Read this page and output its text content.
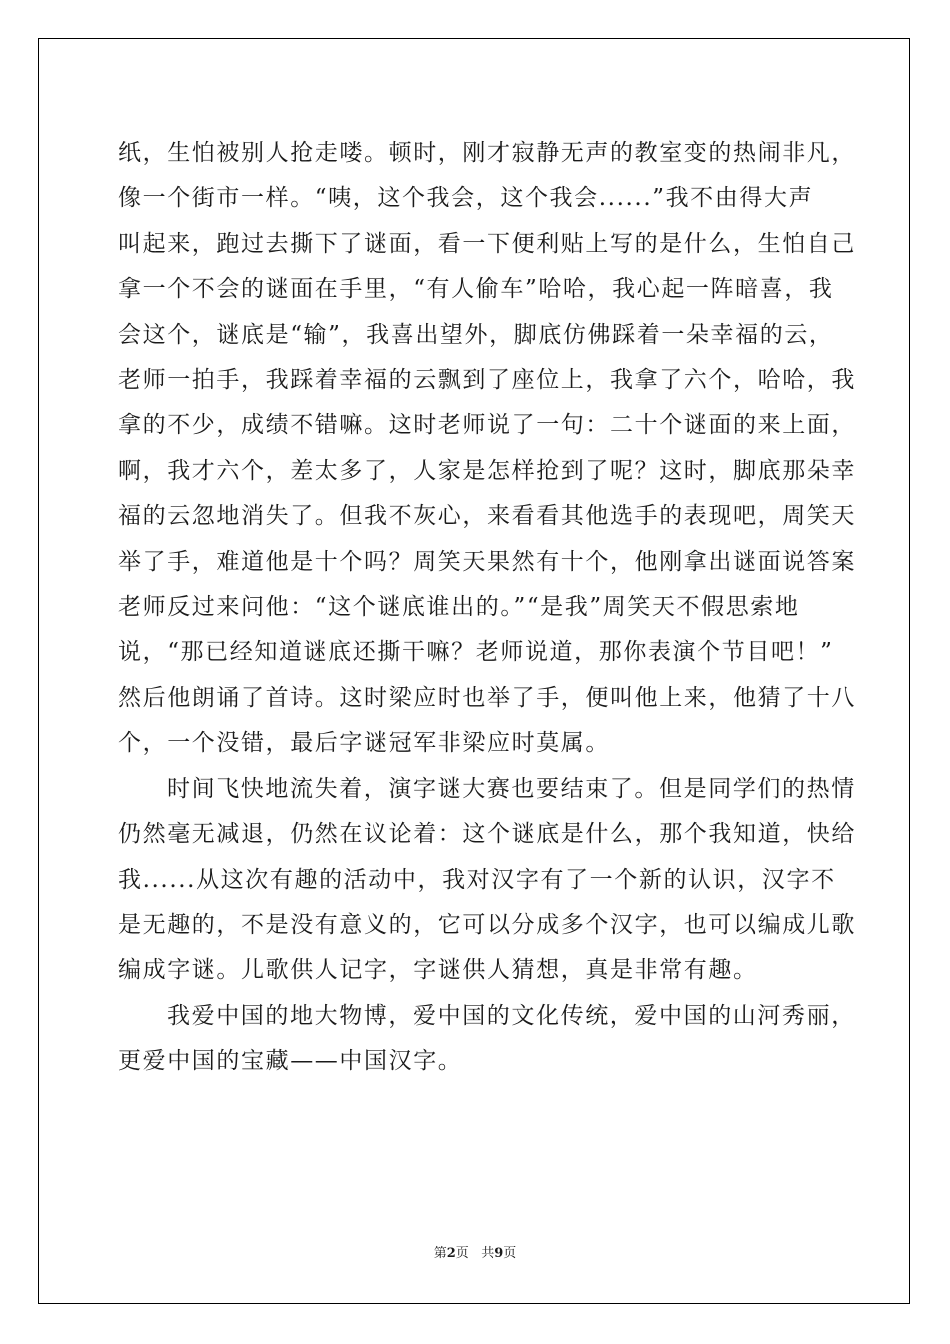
纸，生怕被别人抢走喽。顿时，刚才寂静无声的教室变的热闹非凡，
像一个街市一样。“咦，这个我会，这个我会......”我不由得大声
叫起来，跑过去撕下了谜面，看一下便利贴上写的是什么，生怕自己
拿一个不会的谜面在手里，“有人偷车”哈哈，我心起一阵暗喜，我
会这个，谜底是“输”，我喜出望外，脚底仿佛踩着一朵幸福的云，
老师一拍手，我踩着幸福的云飘到了座位上，我拿了六个，哈哈，我
拿的不少，成绩不错嘛。这时老师说了一句：二十个谜面的来上面，
啊，我才六个，差太多了，人家是怎样抢到了呢？这时，脚底那朵幸
福的云忽地消失了。但我不灰心，来看看其他选手的表现吧，周笑天
举了手，难道他是十个吗？周笑天果然有十个，他刚拿出谜面说答案
老师反过来问他：“这个谜底谁出的。”“是我”周笑天不假思索地
说，“那已经知道谜底还撕干嘛？老师说道，那你表演个节目吧！”
然后他朗诵了首诗。这时梁应时也举了手，便叫他上来，他猜了十八
个，一个没错，最后字谜冠军非梁应时莫属。

时间飞快地流失着，演字谜大赛也要结束了。但是同学们的热情
仍然毫无减退，仍然在议论着：这个谜底是什么，那个我知道，快给
我......从这次有趣的活动中，我对汉字有了一个新的认识，汉字不
是无趣的，不是没有意义的，它可以分成多个汉字，也可以编成儿歌
编成字谜。儿歌供人记字，字谜供人猜想，真是非常有趣。

我爱中国的地大物博，爱中国的文化传统，爱中国的山河秀丽，
更爱中国的宝藏——中国汉字。

第2页 共9页
